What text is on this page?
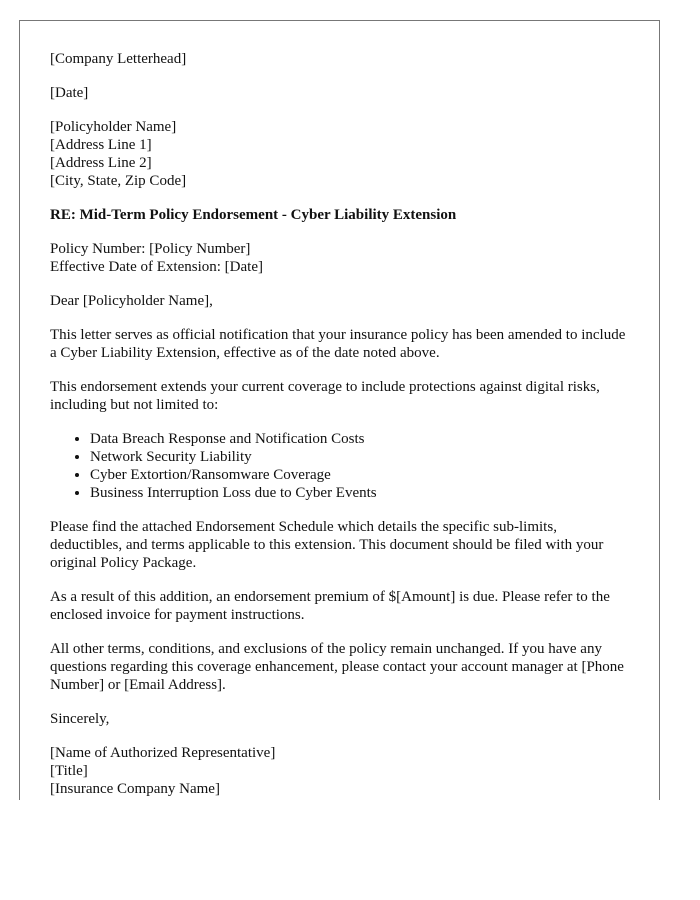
[Company Letterhead]

[Date]

[Policyholder Name]
[Address Line 1]
[Address Line 2]
[City, State, Zip Code]

RE: Mid-Term Policy Endorsement - Cyber Liability Extension

Policy Number: [Policy Number]
Effective Date of Extension: [Date]

Dear [Policyholder Name],

This letter serves as official notification that your insurance policy has been amended to include a Cyber Liability Extension, effective as of the date noted above.

This endorsement extends your current coverage to include protections against digital risks, including but not limited to:

• Data Breach Response and Notification Costs
• Network Security Liability
• Cyber Extortion/Ransomware Coverage
• Business Interruption Loss due to Cyber Events

Please find the attached Endorsement Schedule which details the specific sub-limits, deductibles, and terms applicable to this extension. This document should be filed with your original Policy Package.

As a result of this addition, an endorsement premium of $[Amount] is due. Please refer to the enclosed invoice for payment instructions.

All other terms, conditions, and exclusions of the policy remain unchanged. If you have any questions regarding this coverage enhancement, please contact your account manager at [Phone Number] or [Email Address].

Sincerely,

[Name of Authorized Representative]
[Title]
[Insurance Company Name]
